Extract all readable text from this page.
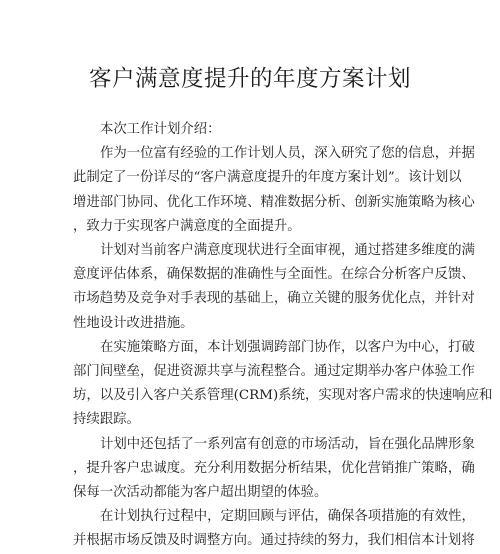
客户满意度提升的年度方案计划

本次工作计划介绍：

作为一位富有经验的工作计划人员，深入研究了您的信息，并据
此制定了一份详尽的“客户满意度提升的年度方案计划”。该计划以
增进部门协同、优化工作环境、精准数据分析、创新实施策略为核心
，致力于实现客户满意度的全面提升。

计划对当前客户满意度现状进行全面审视，通过搭建多维度的满
意度评估体系，确保数据的准确性与全面性。在综合分析客户反馈、
市场趋势及竞争对手表现的基础上，确立关键的服务优化点，并针对
性地设计改进措施。

在实施策略方面，本计划强调跨部门协作，以客户为中心，打破
部门间壁垒，促进资源共享与流程整合。通过定期举办客户体验工作
坊，以及引入客户关系管理(CRM)系统，实现对客户需求的快速响应和
持续跟踪。

计划中还包括了一系列富有创意的市场活动，旨在强化品牌形象
，提升客户忠诚度。充分利用数据分析结果，优化营销推广策略，确
保每一次活动都能为客户超出期望的体验。

在计划执行过程中，定期回顾与评估，确保各项措施的有效性，
并根据市场反馈及时调整方向。通过持续的努力，我们相信本计划将
